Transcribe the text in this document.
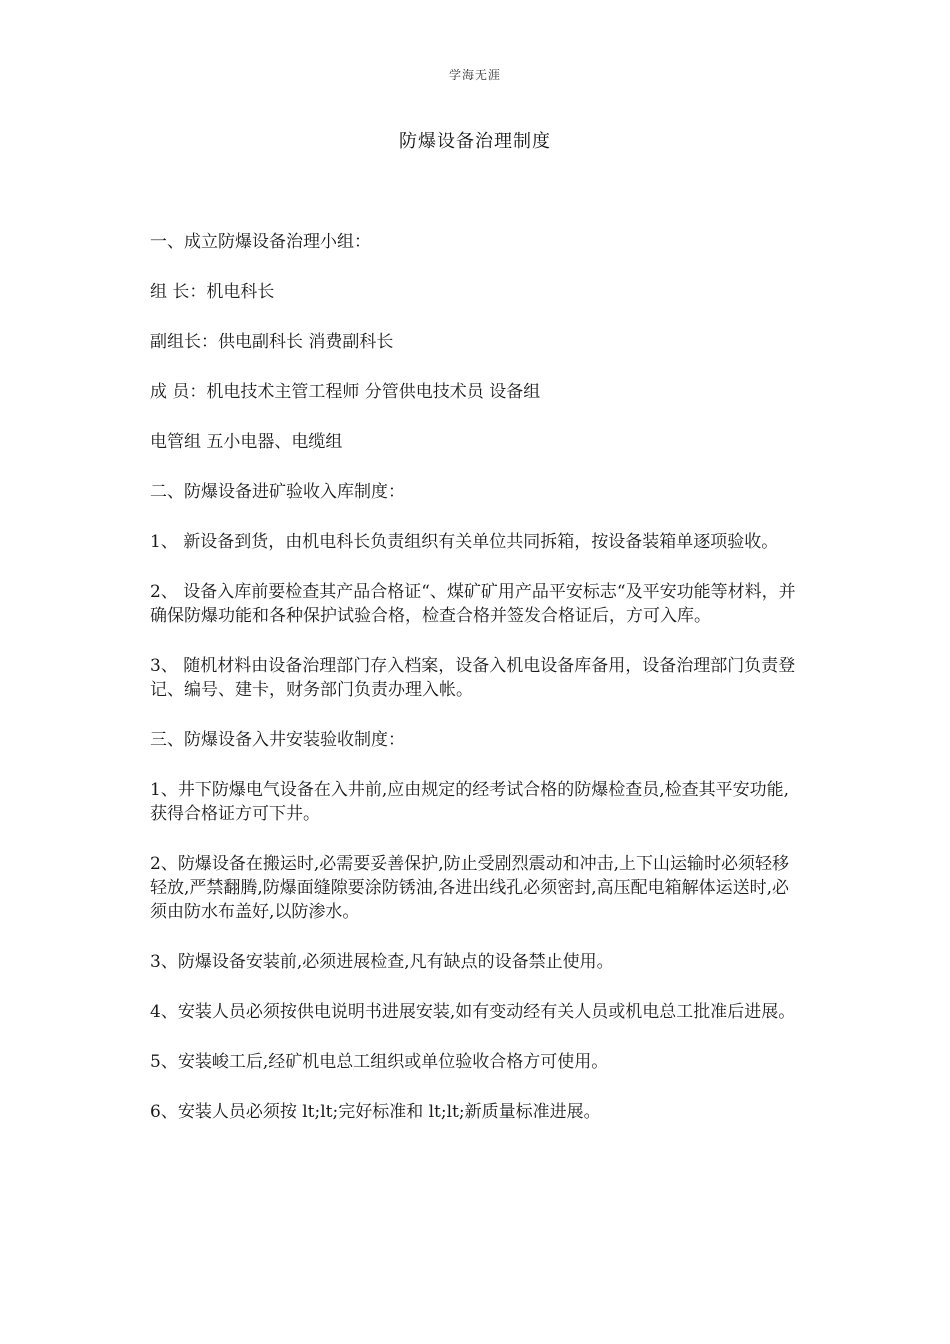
学海无涯
防爆设备治理制度

一、成立防爆设备治理小组：

组 长：机电科长

副组长：供电副科长 消费副科长

成 员：机电技术主管工程师 分管供电技术员 设备组

电管组 五小电器、电缆组

二、防爆设备进矿验收入库制度：

1、 新设备到货，由机电科长负责组织有关单位共同拆箱，按设备装箱单逐项验收。

2、 设备入库前要检查其产品合格证“、煤矿矿用产品平安标志“及平安功能等材料，并确保防爆功能和各种保护试验合格，检查合格并签发合格证后，方可入库。

3、 随机材料由设备治理部门存入档案，设备入机电设备库备用，设备治理部门负责登记、编号、建卡，财务部门负责办理入帐。

三、防爆设备入井安装验收制度：

1、井下防爆电气设备在入井前,应由规定的经考试合格的防爆检查员,检查其平安功能,获得合格证方可下井。

2、防爆设备在搬运时,必需要妥善保护,防止受剧烈震动和冲击,上下山运输时必须轻移轻放,严禁翻腾,防爆面缝隙要涂防锈油,各进出线孔必须密封,高压配电箱解体运送时,必须由防水布盖好,以防渗水。

3、防爆设备安装前,必须进展检查,凡有缺点的设备禁止使用。

4、安装人员必须按供电说明书进展安装,如有变动经有关人员或机电总工批准后进展。

5、安装峻工后,经矿机电总工组织或单位验收合格方可使用。

6、安装人员必须按 lt;lt;完好标准和 lt;lt;新质量标准进展。
